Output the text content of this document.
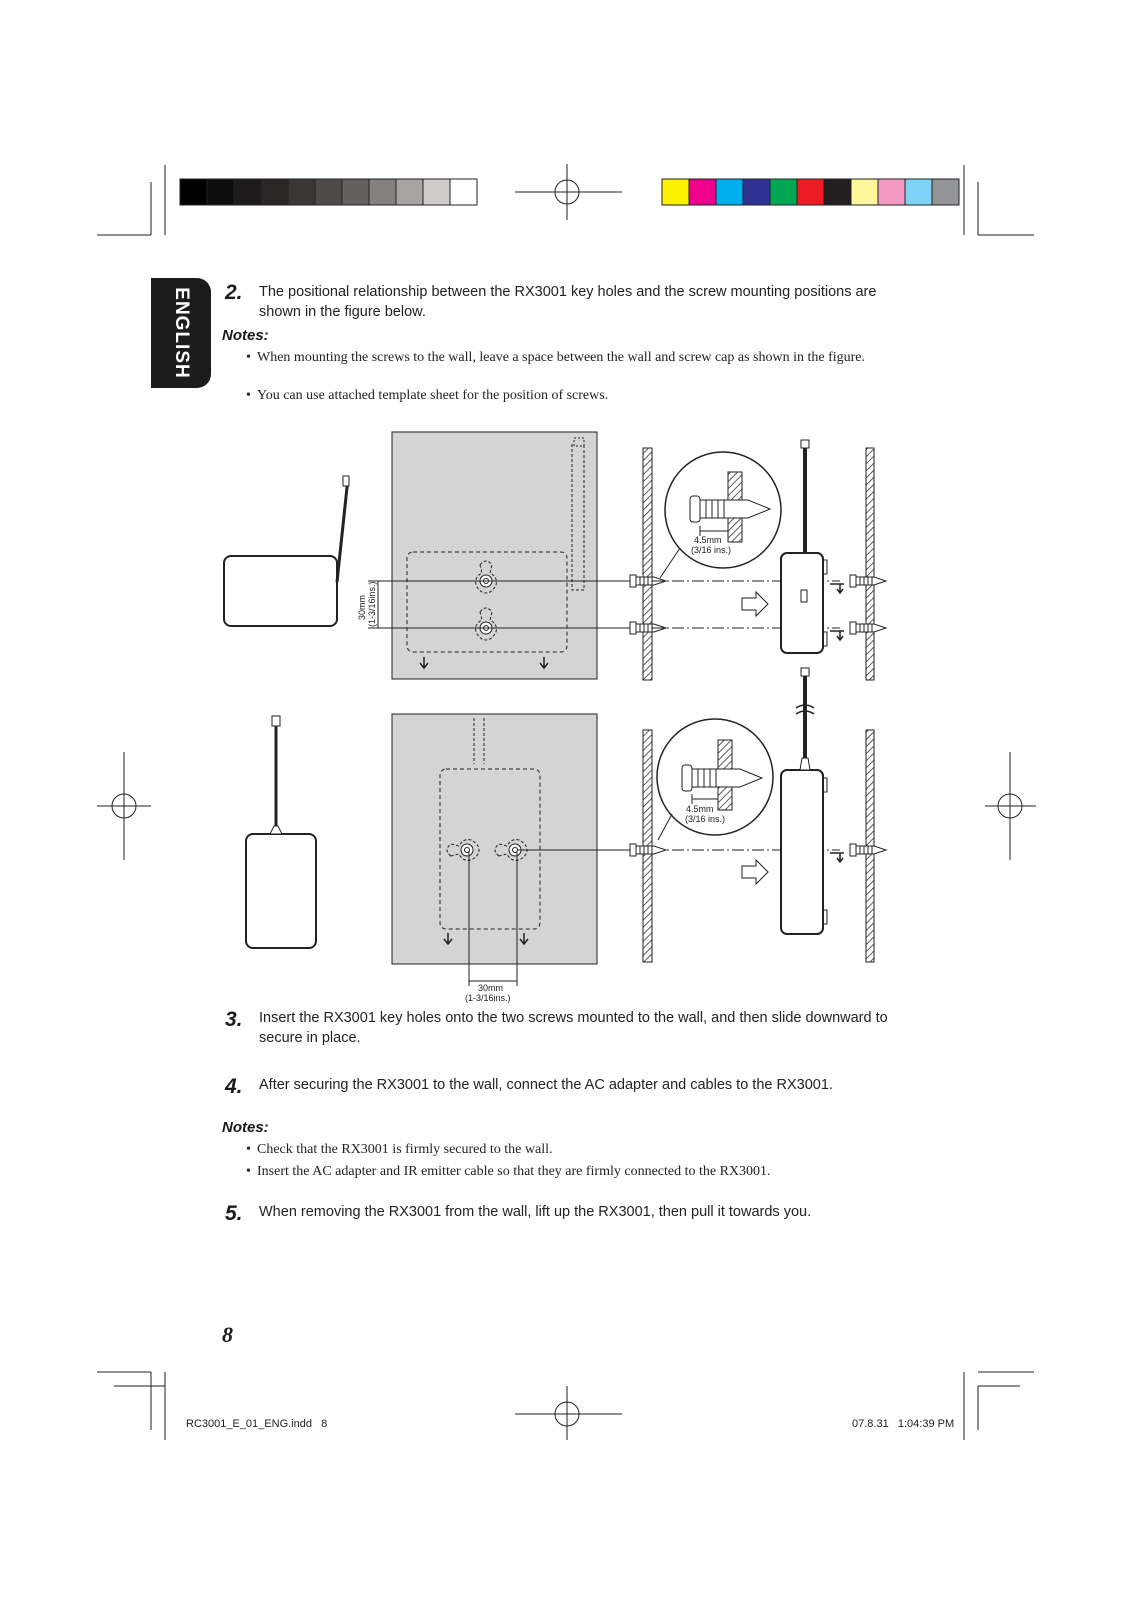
ENGLISH 2. The positional relationship between the RX3001 key holes and the screw mounting positions are shown in the figure below.
Notes:
• When mounting the screws to the wall, leave a space between the wall and screw cap as shown in the figure.
• You can use attached template sheet for the position of screws.
4.5mm
(3/16 ins.)
30mm (1-3/16ins.)
4.5mm
(3/16 ins.)
30mm
(1-3/16ins.)
3. Insert the RX3001 key holes onto the two screws mounted to the wall, and then slide downward to secure in place.
4. After securing the RX3001 to the wall, connect the AC adapter and cables to the RX3001.
Notes:
• Check that the RX3001 is firmly secured to the wall.
• Insert the AC adapter and IR emitter cable so that they are firmly connected to the RX3001.
5. When removing the RX3001 from the wall, lift up the RX3001, then pull it towards you.
8
RC3001_E_01_ENG.indd   8	07.8.31   1:04:39 PM
